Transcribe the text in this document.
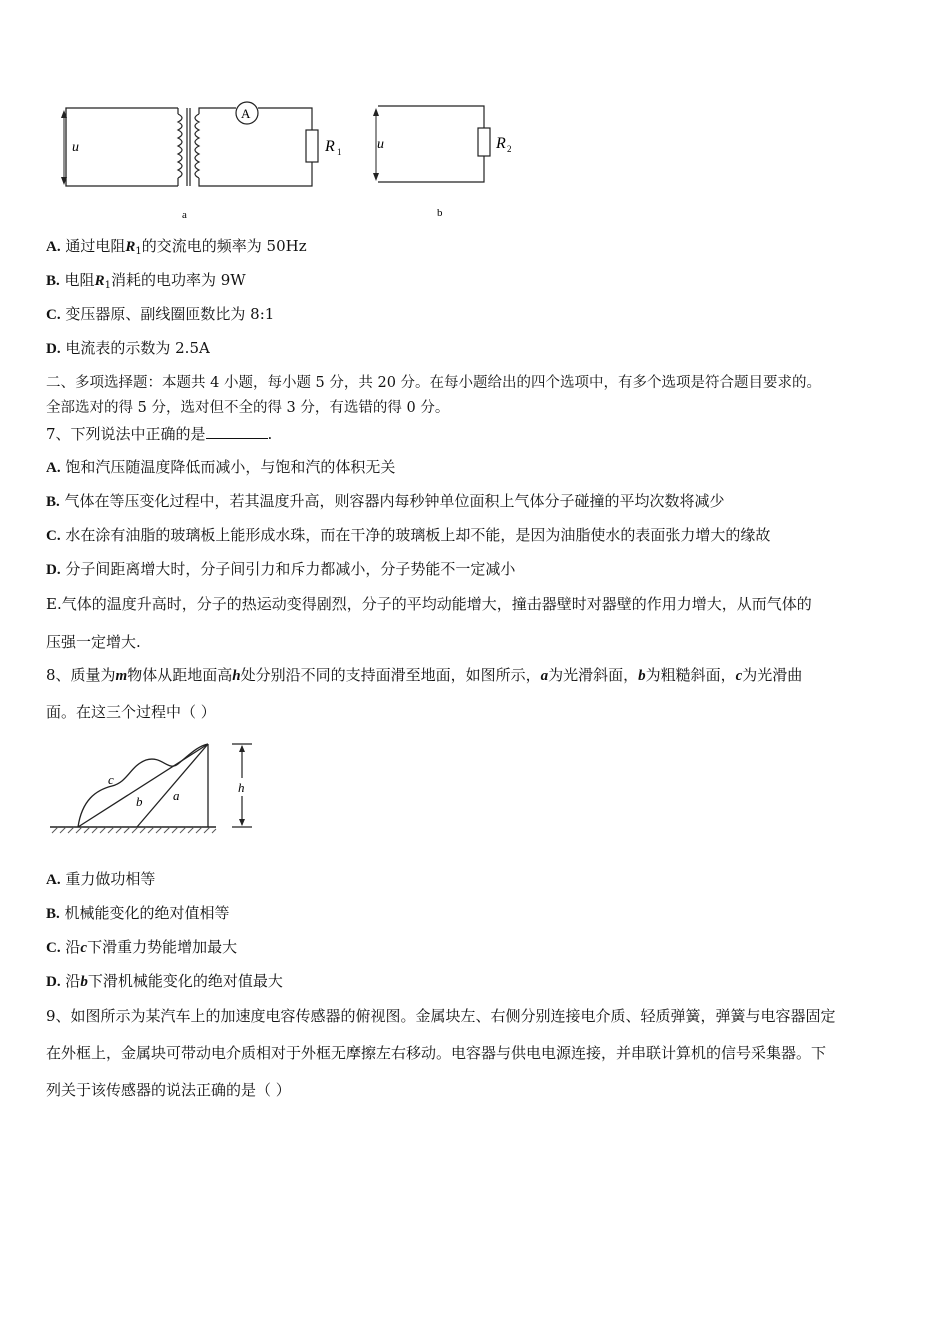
u
A
R 1
a
u	R 2
b
A. 通过电阻$R_1$的交流电的频率为 50Hz
B. 电阻$R_1$消耗的电功率为 9W
C. 变压器原、副线圈匝数比为 8:1
D. 电流表的示数为 2.5A
二、多项选择题：本题共 4 小题，每小题 5 分，共 20 分。在每小题给出的四个选项中，有多个选项是符合题目要求的。
全部选对的得 5 分，选对但不全的得 3 分，有选错的得 0 分。
7、下列说法中正确的是	.
A. 饱和汽压随温度降低而减小，与饱和汽的体积无关
B. 气体在等压变化过程中，若其温度升高，则容器内每秒钟单位面积上气体分子碰撞的平均次数将减少
C. 水在涂有油脂的玻璃板上能形成水珠，而在干净的玻璃板上却不能，是因为油脂使水的表面张力增大的缘故
D. 分子间距离增大时，分子间引力和斥力都减小，分子势能不一定减小
E.气体的温度升高时，分子的热运动变得剧烈，分子的平均动能增大，撞击器壁时对器壁的作用力增大，从而气体的
压强一定增大.
8、质量为m物体从距地面高h处分别沿不同的支持面滑至地面，如图所示，a为光滑斜面，b为粗糙斜面，c为光滑曲
面。在这三个过程中（ ）
c
b a
h
A. 重力做功相等
B. 机械能变化的绝对值相等
C. 沿c下滑重力势能增加最大
D. 沿b下滑机械能变化的绝对值最大
9、如图所示为某汽车上的加速度电容传感器的俯视图。金属块左、右侧分别连接电介质、轻质弹簧，弹簧与电容器固定
在外框上，金属块可带动电介质相对于外框无摩擦左右移动。电容器与供电电源连接，并串联计算机的信号采集器。下
列关于该传感器的说法正确的是（ ）
